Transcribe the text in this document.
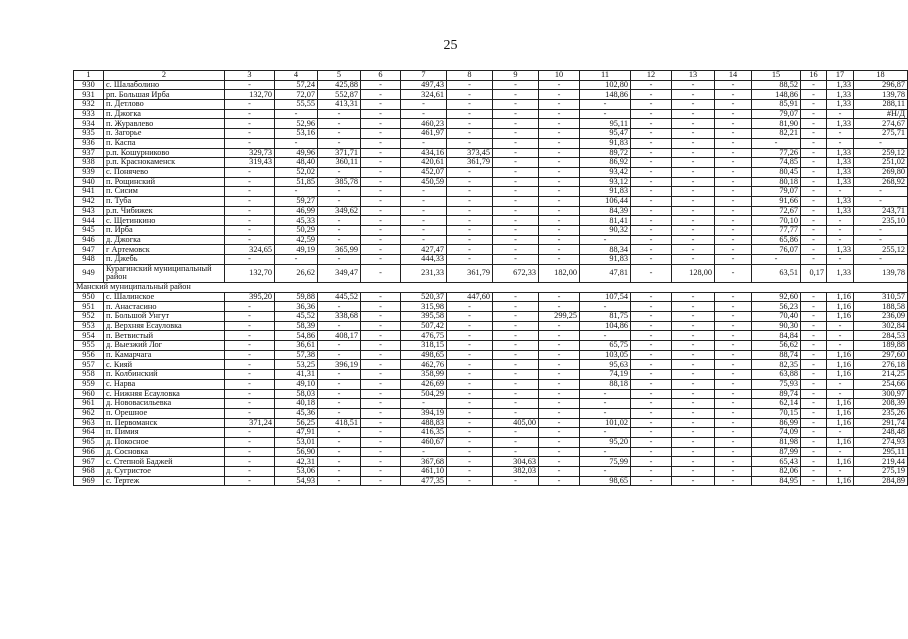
25
1	2	3	4	5	6	7	8	9	10	11	12	13	14	15	16	17	18
930	с. Шалаболино	-	57,24	425,88	-	497,43	-	-	-	102,80	-	-	-	88,52	-	1,33	296,87
931	рп. Большая Ирба	132,70	72,07	552,87	-	324,61	-	-	-	148,86	-	-	-	148,86	-	1,33	139,78
932	п. Детлово	-	55,55	413,31	-	-	-	-	-	-	-	-	-	85,91	-	1,33	288,11
933	п. Джогка	-	-	-	-	-	-	-	-	-	-	-	-	79,07	-	-	#Н/Д
934	п. Журавлево	-	52,96	-	-	460,23	-	-	-	95,11	-	-	-	81,90	-	1,33	274,67
935	п. Загорье	-	53,16	-	-	461,97	-	-	-	95,47	-	-	-	82,21	-	-	275,71
936	п. Каспа	-	-	-	-	-	-	-	-	91,83	-	-	-	-	-	-	-
937	р.п. Кошурниково	329,73	49,96	371,71	-	434,16	373,45	-	-	89,72	-	-	-	77,26	-	1,33	259,12
938	р.п. Краснокаменск	319,43	48,40	360,11	-	420,61	361,79	-	-	86,92	-	-	-	74,85	-	1,33	251,02
939	с. Понячево	-	52,02	-	-	452,07	-	-	-	93,42	-	-	-	80,45	-	1,33	269,80
940	п. Рощинский	-	51,85	385,78	-	450,59	-	-	-	93,12	-	-	-	80,18	-	1,33	268,92
941	п. Сисим	-	-	-	-	-	-	-	-	91,83	-	-	-	79,07	-	-	-
942	п. Туба	-	59,27	-	-	-	-	-	-	106,44	-	-	-	91,66	-	1,33	-
943	р.п. Чибижек	-	46,99	349,62	-	-	-	-	-	84,39	-	-	-	72,67	-	1,33	243,71
944	с. Щетинкино	-	45,33	-	-	-	-	-	-	81,41	-	-	-	70,10	-	-	235,10
945	п. Ирба	-	50,29	-	-	-	-	-	-	90,32	-	-	-	77,77	-	-	-
946	д. Джогка	-	42,59	-	-	-	-	-	-	-	-	-	-	65,86	-	-	-
947	г Артемовск	324,65	49,19	365,99	-	427,47	-	-	-	88,34	-	-	-	76,07	-	1,33	255,12
948	п. Джебь	-	-	-	-	444,33	-	-	-	91,83	-	-	-	-	-	-	-
949	Курагинский муниципальный район	132,70	26,62	349,47	-	231,33	361,79	672,33	182,00	47,81	-	128,00	-	63,51	0,17	1,33	139,78
Манский муниципальный район																	
950	с. Шалинское	395,20	59,88	445,52	-	520,37	447,60	-	-	107,54	-	-	-	92,60	-	1,16	310,57
951	п. Анастасино	-	36,36	-	-	315,98	-	-	-	-	-	-	-	56,23	-	1,16	188,58
952	п. Большой Унгут	-	45,52	338,68	-	395,58	-	-	299,25	81,75	-	-	-	70,40	-	1,16	236,09
953	д. Верхняя Есауловка	-	58,39	-	-	507,42	-	-	-	104,86	-	-	-	90,30	-	-	302,84
954	п. Ветвистый	-	54,86	408,17	-	476,75	-	-	-	-	-	-	-	84,84	-	-	284,53
955	д. Выезжий Лог	-	36,61	-	-	318,15	-	-	-	65,75	-	-	-	56,62	-	-	189,88
956	п. Камарчага	-	57,38	-	-	498,65	-	-	-	103,05	-	-	-	88,74	-	1,16	297,60
957	с. Кияй	-	53,25	396,19	-	462,76	-	-	-	95,63	-	-	-	82,35	-	1,16	276,18
958	п. Колбинский	-	41,31	-	-	358,99	-	-	-	74,19	-	-	-	63,88	-	1,16	214,25
959	с. Нарва	-	49,10	-	-	426,69	-	-	-	88,18	-	-	-	75,93	-	-	254,66
960	с. Нижняя Есауловка	-	58,03	-	-	504,29	-	-	-	-	-	-	-	89,74	-	-	300,97
961	д. Нововасильевка	-	40,18	-	-	-	-	-	-	-	-	-	-	62,14	-	1,16	208,39
962	п. Орешное	-	45,36	-	-	394,19	-	-	-	-	-	-	-	70,15	-	1,16	235,26
963	п. Первоманск	371,24	56,25	418,51	-	488,83	-	405,00	-	101,02	-	-	-	86,99	-	1,16	291,74
964	п. Пимия	-	47,91	-	-	416,35	-	-	-	-	-	-	-	74,09	-	-	248,48
965	д. Покосное	-	53,01	-	-	460,67	-	-	-	95,20	-	-	-	81,98	-	1,16	274,93
966	д. Сосновка	-	56,90	-	-	-	-	-	-	-	-	-	-	87,99	-	-	295,11
967	с. Степной Баджей	-	42,31	-	-	367,68	-	304,63	-	75,99	-	-	-	65,43	-	1,16	219,44
968	д. Сугристое	-	53,06	-	-	461,10	-	382,03	-	-	-	-	-	82,06	-	-	275,19
969	с. Тертеж	-	54,93	-	-	477,35	-	-	-	98,65	-	-	-	84,95	-	1,16	284,89
